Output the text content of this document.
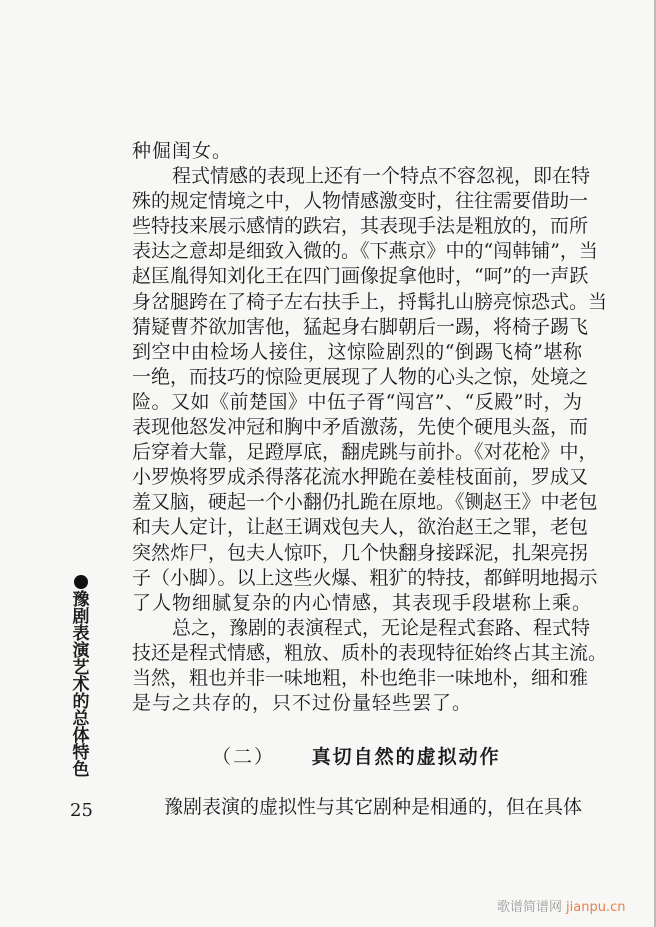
种倔闺女。
程式情感的表现上还有一个特点不容忽视，即在特
殊的规定情境之中，人物情感激变时，往往需要借助一
些特技来展示感情的跌宕，其表现手法是粗放的，而所
表达之意却是细致入微的。《下燕京》中的“闯韩铺”，当
赵匡胤得知刘化王在四门画像捉拿他时，“呵”的一声跃
身岔腿跨在了椅子左右扶手上，捋髯扎山膀亮惊恐式。当
猜疑曹芥欲加害他，猛起身右脚朝后一踢，将椅子踢飞
到空中由检场人接住，这惊险剧烈的“倒踢飞椅”堪称
一绝，而技巧的惊险更展现了人物的心头之惊，处境之
险。又如《前楚国》中伍子胥“闯宫”、“反殿”时，为
表现他怒发冲冠和胸中矛盾激荡，先使个硬甩头盔，而
后穿着大靠，足蹬厚底，翻虎跳与前扑。《对花枪》中，
小罗焕将罗成杀得落花流水押跪在姜桂枝面前，罗成又
羞又脑，硬起一个小翻仍扎跪在原地。《铡赵王》中老包
和夫人定计，让赵王调戏包夫人，欲治赵王之罪，老包
突然炸尸，包夫人惊吓，几个快翻身接踩泥，扎架亮拐
子（小脚）。以上这些火爆、粗犷的特技，都鲜明地揭示
了人物细腻复杂的内心情感，其表现手段堪称上乘。
总之，豫剧的表演程式，无论是程式套路、程式特
技还是程式情感，粗放、质朴的表现特征始终占其主流。
当然，粗也并非一味地粗，朴也绝非一味地朴，细和雅
是与之共存的，只不过份量轻些罢了。
（二） 真切自然的虚拟动作
豫剧表演的虚拟性与其它剧种是相通的，但在具体
豫
剧
表
演
艺
术
的
总
体
特
色
25
歌谱简谱网 jianpu.cn
